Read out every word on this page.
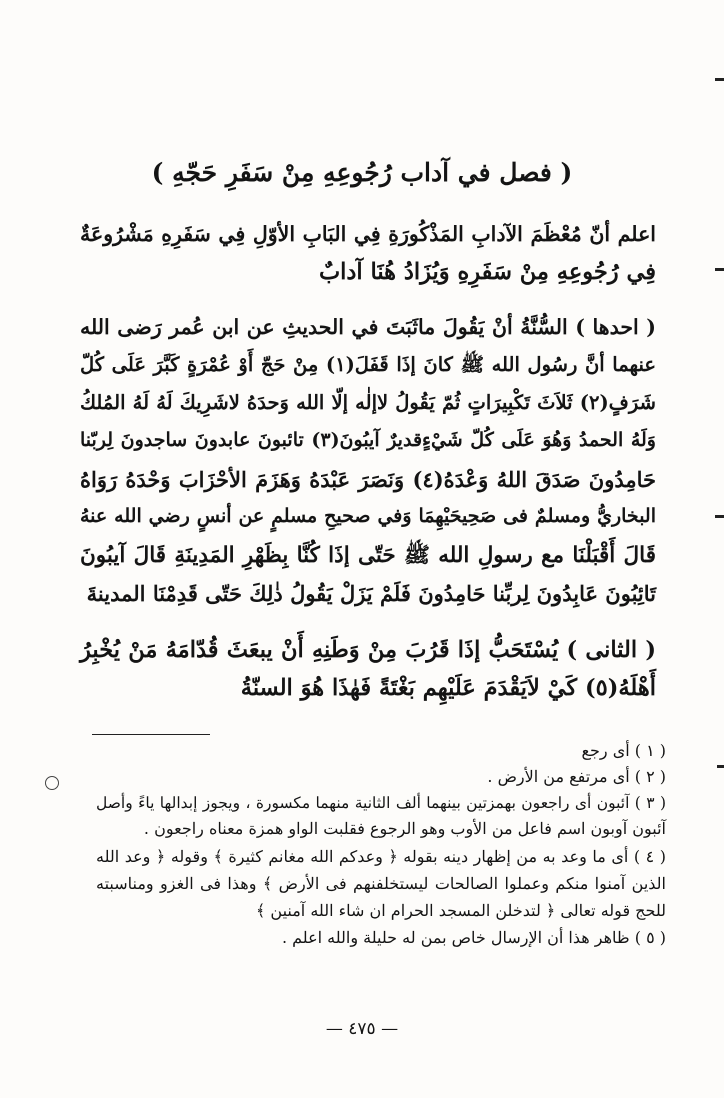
( فصل في آداب رُجُوعِهِ مِنْ سَفَرِ حَجّهِ )
اعلم أنّ مُعْظَمَ الآدابِ المَذْكُورَةِ فِي البَابِ الأوّلِ فِي سَفَرِهِ مَشْرُوعَةٌ
فِي رُجُوعِهِ مِنْ سَفَرِهِ وَيُزَادُ هُنَا آدابٌ
( احدها ) السُّنَّةُ أنْ يَقُولَ ماثَبَتَ في الحديثِ عن ابن عُمر رَضى الله
عنهما أنَّ رسُول الله ﷺ كانَ إذَا قَفَلَ(١) مِنْ حَجّ أَوْ عُمْرَةٍ كَبَّرَ عَلَى كُلّ
شَرَفٍ(٢) ثَلاَثَ تَكْبِيرَاتٍ ثُمّ يَقُولُ لاإلٰه إلّا الله وَحدَهُ لاشَرِيكَ لَهُ لَهُ المُلكُ
وَلَهُ الحمدُ وَهُوَ عَلَى كُلّ شَيْءٍقديرٌ آيبُونَ(٣) تائبونَ عابدونَ ساجدونَ لِربّنا
حَامِدُونَ صَدَقَ اللهُ وَعْدَهُ(٤) وَنَصَرَ عَبْدَهُ وَهَزَمَ الأحْزَابَ وَحْدَهُ رَوَاهُ
البخاريُّ ومسلمٌ فى صَحِيحَيْهِمَا وَفي صحيحِ مسلمٍ عن أنسٍ رضي الله عنهُ
قَالَ أَقْبَلْنَا مع رسولِ الله ﷺ حَتّى إذَا كُنَّا بِظَهْرِ المَدِينَةِ قَالَ آيبُونَ
تَائِبُونَ عَابِدُونَ لِربِّنا حَامِدُونَ فَلَمْ يَزَلْ يَقُولُ ذٰلِكَ حَتّى قَدِمْنَا المدينةَ
( الثانى ) يُسْتَحَبُّ إذَا قَرُبَ مِنْ وَطَنِهِ أَنْ يبعَثَ قُدّامَهُ مَنْ يُخْبِرُ
أَهْلَهُ(٥) كَيْ لاَيَقْدَمَ عَلَيْهِم بَغْتَةً فَهٰذَا هُوَ السنّةُ
( ١ ) أى رجع
( ٢ ) أى مرتفع من الأرض .
( ٣ ) آئبون أى راجعون بهمزتين بينهما ألف الثانية منهما مكسورة ، ويجوز إبدالها ياءً وأصل
آئبون آوبون اسم فاعل من الأوب وهو الرجوع فقلبت الواو همزة معناه راجعون .
( ٤ ) أى ما وعد به من إظهار دينه بقوله ﴿ وعدكم الله مغانم كثيرة ﴾ وقوله ﴿ وعد الله
الذين آمنوا منكم وعملوا الصالحات ليستخلفنهم فى الأرض ﴾ وهذا فى الغزو ومناسبته
للحج قوله تعالى ﴿ لتدخلن المسجد الحرام ان شاء الله آمنين ﴾
( ٥ ) ظاهر هذا أن الإرسال خاص بمن له حليلة والله اعلم .
— ٤٧٥ —
